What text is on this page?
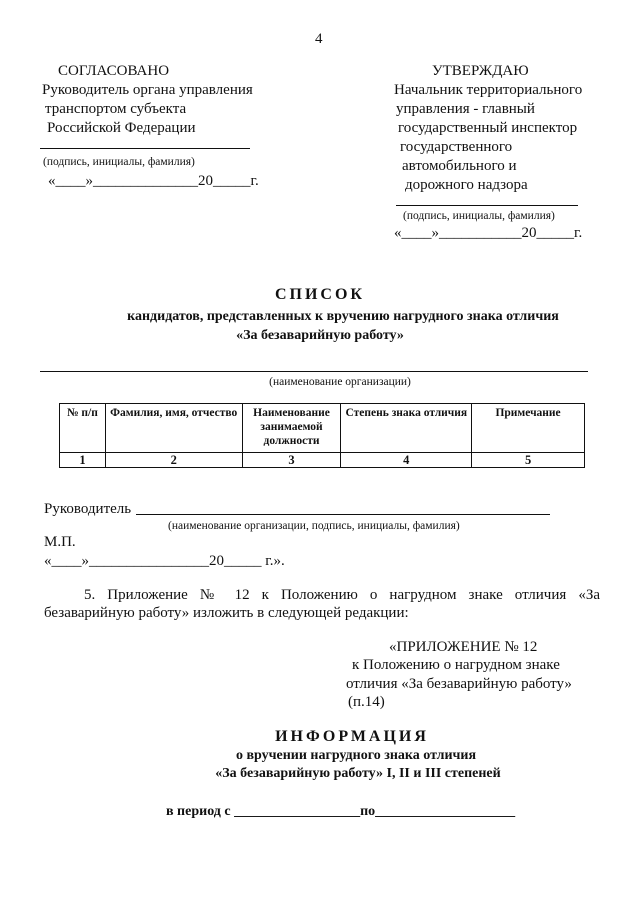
4
СОГЛАСОВАНО
Руководитель органа управления
транспортом субъекта
Российской Федерации
(подпись, инициалы, фамилия)
«____»______________20_____г.
УТВЕРЖДАЮ
Начальник территориального
управления - главный
государственный инспектор
государственного
автомобильного и
дорожного надзора
(подпись, инициалы, фамилия)
«____»___________20_____г.
СПИСОК
кандидатов, представленных к вручению нагрудного знака отличия
«За безаварийную работу»
(наименование организации)
№ п/п	Фамилия, имя, отчество	Наименование занимаемой должности	Степень знака отличия	Примечание
1	2	3	4	5
Руководитель
(наименование организации, подпись, инициалы, фамилия)
М.П.
«____»________________20_____ г.».
5. Приложение № 12 к Положению о нагрудном знаке отличия «За
безаварийную работу» изложить в следующей редакции:
«ПРИЛОЖЕНИЕ № 12
к Положению о нагрудном знаке
отличия «За безаварийную работу»
(п.14)
ИНФОРМАЦИЯ
о вручении нагрудного знака отличия
«За безаварийную работу» I, II и III степеней
в период с __________________по____________________
